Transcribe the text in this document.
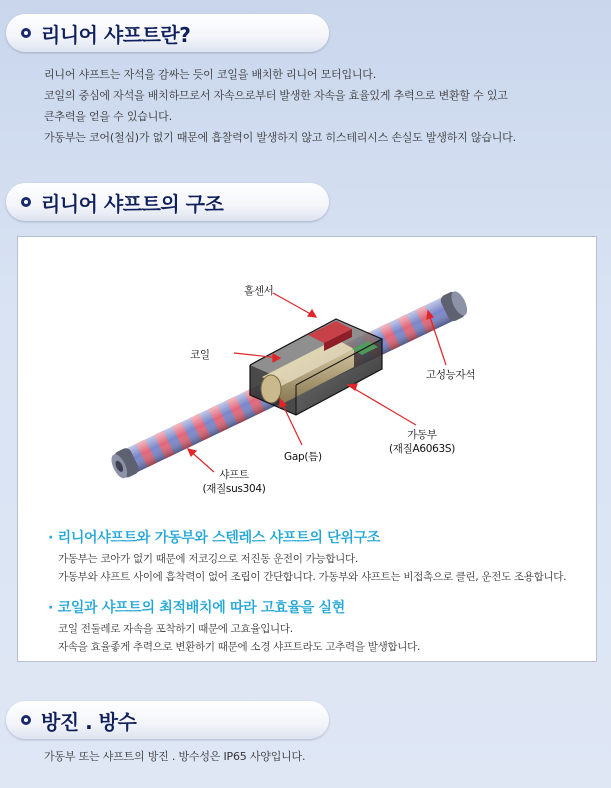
리니어 샤프트란?
리니어 샤프트는 자석을 감싸는 듯이 코일을 배치한 리니어 모터입니다.
코일의 중심에 자석을 배치하므로서 자속으로부터 발생한 자속을 효율있게 추력으로 변환할 수 있고
큰추력을 얻을 수 있습니다.
가동부는 코어(철심)가 없기 때문에 흡찰력이 발생하지 않고 히스테리시스 손실도 발생하지 않습니다.
리니어 샤프트의 구조
홀센서
코일
고성능자석
가동부
(재질A6063S)
Gap(틈)
샤프트
(재질sus304)
· 리니어샤프트와 가동부와 스텐레스 샤프트의 단위구조
가동부는 코아가 없기 때문에 저코깅으로 저진동 운전이 가능합니다.
가동부와 샤프트 사이에 흡착력이 없어 조립이 간단합니다. 가동부와 샤프트는 비접촉으로 클린, 운전도 조용합니다.
· 코일과 샤프트의 최적배치에 따라 고효율을 실현
코일 전둘레로 자속을 포착하기 때문에 고효율입니다.
자속을 효율좋게 추력으로 변환하기 때문에 소경 샤프트라도 고추력을 발생합니다.
방진 . 방수
가동부 또는 샤프트의 방진 . 방수성은 IP65 사양입니다.
